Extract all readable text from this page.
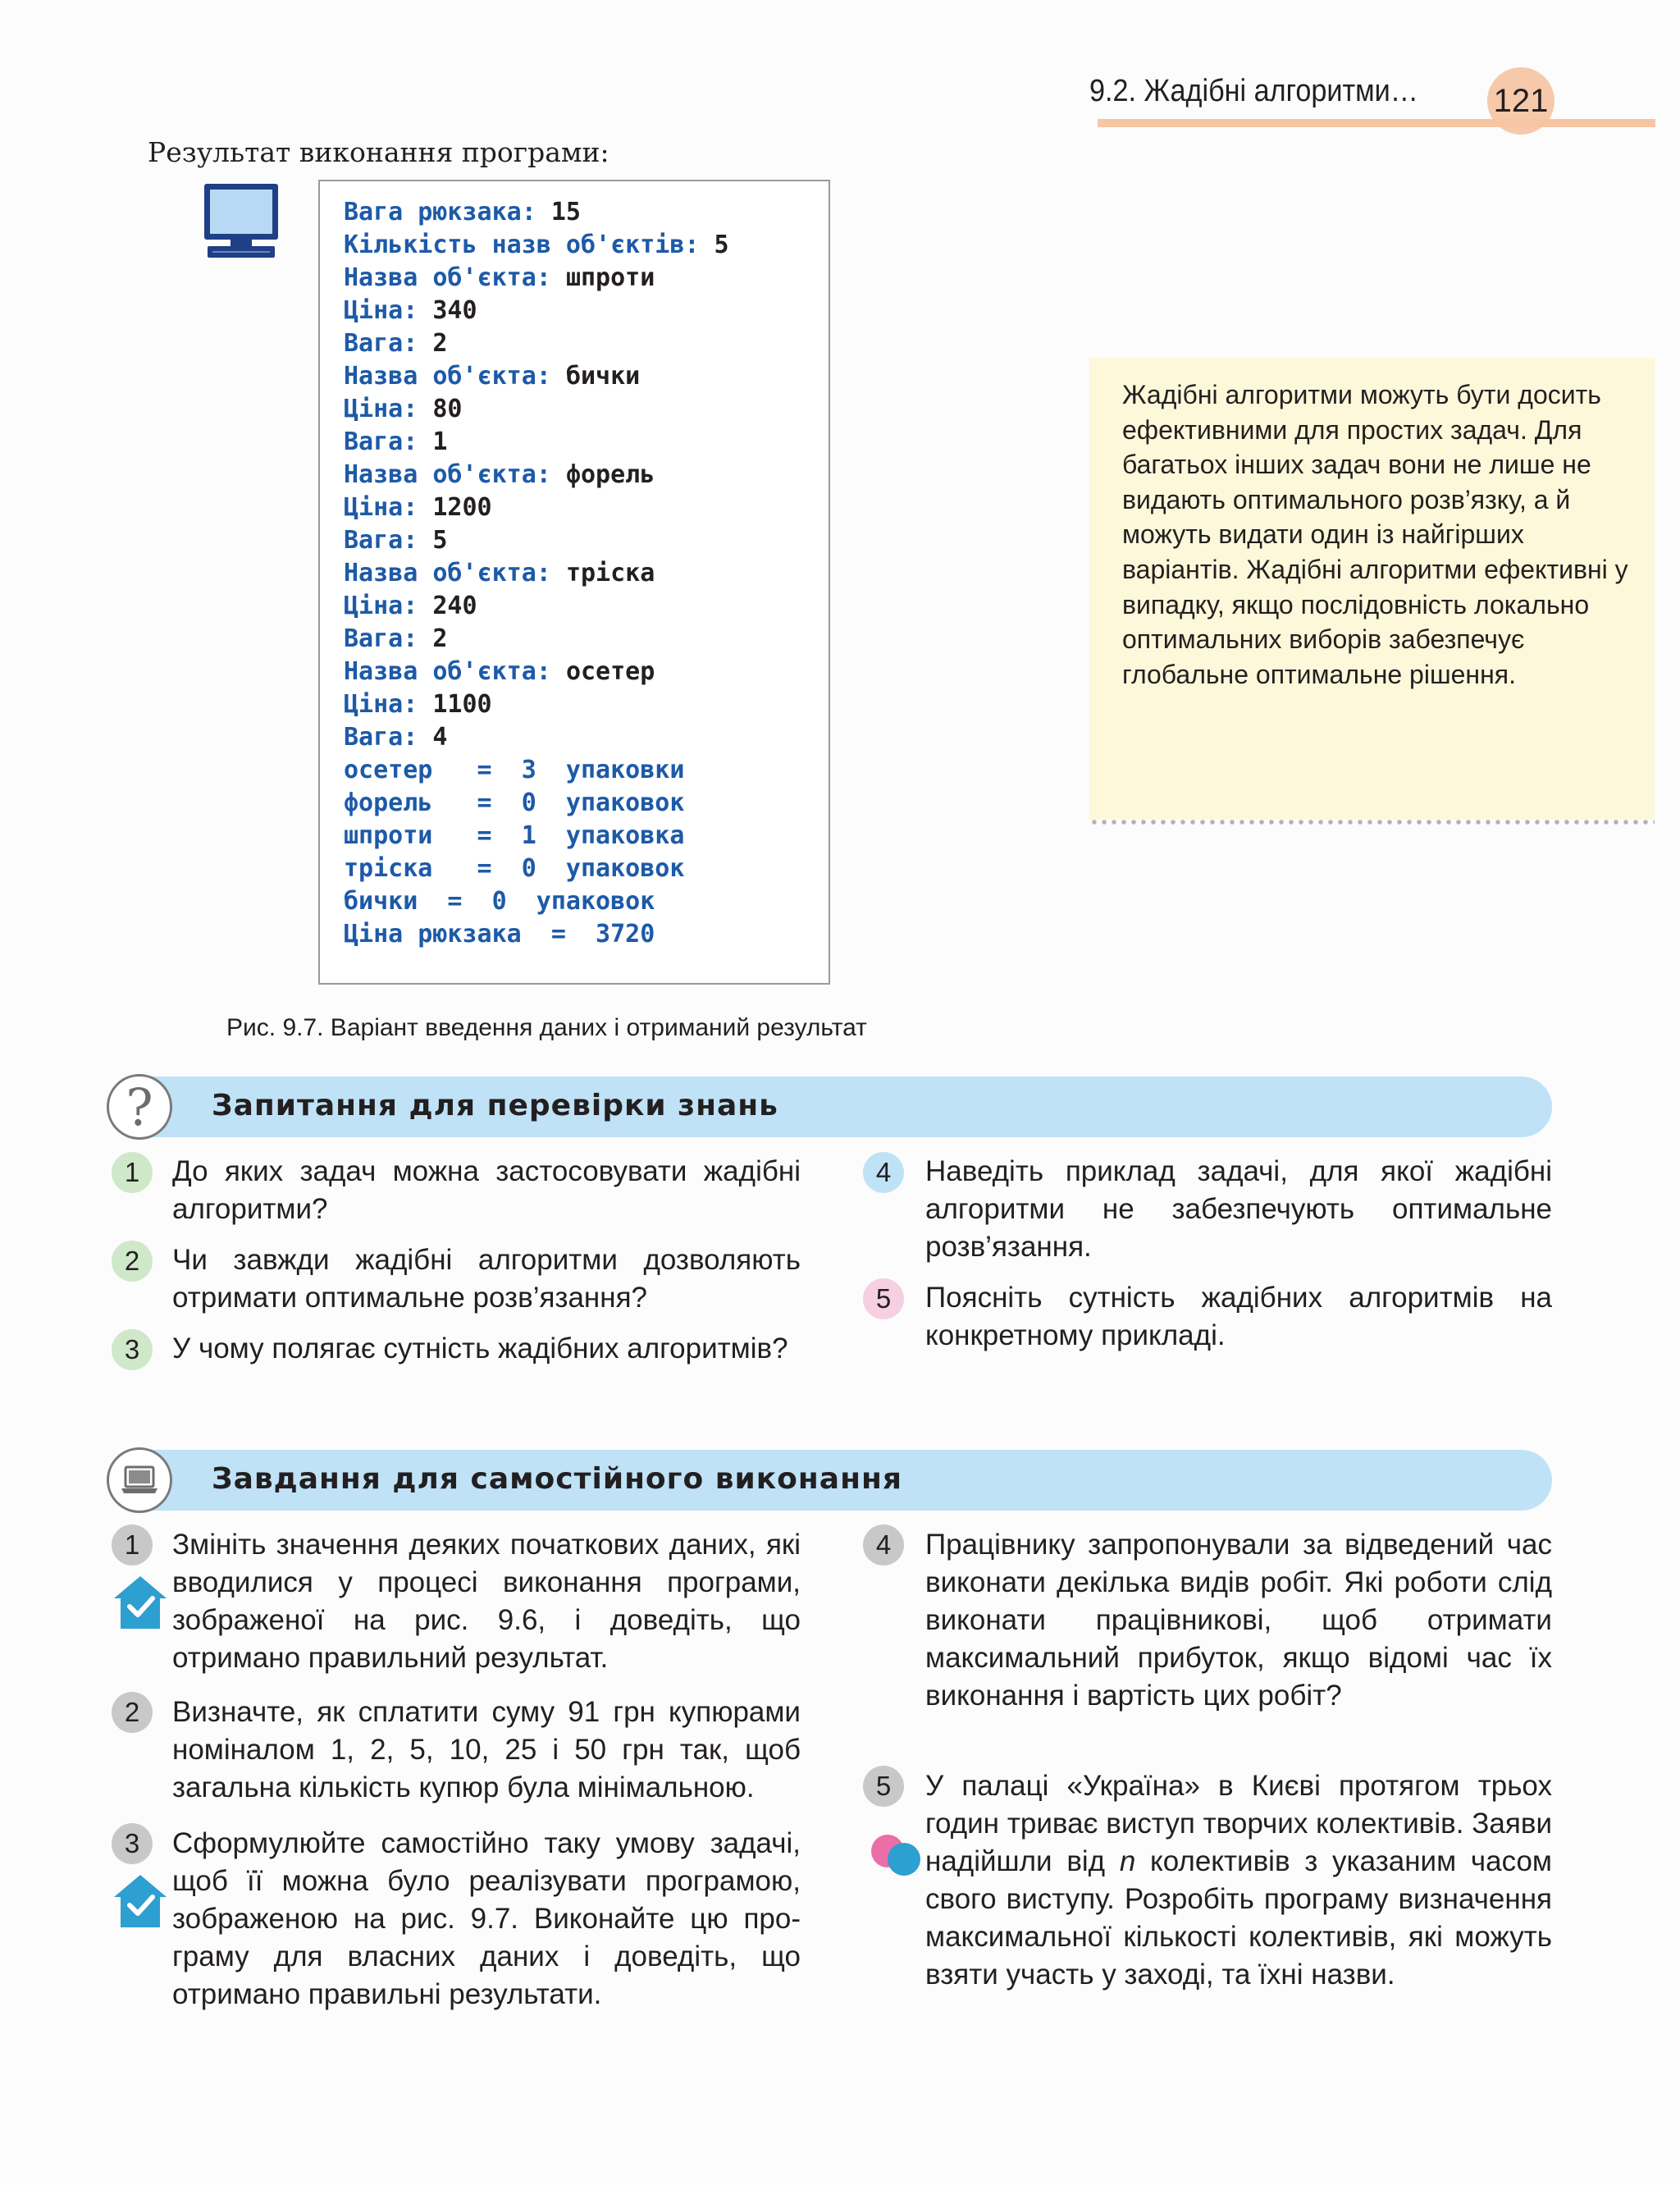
9.2. Жадібні алгоритми… 121
Результат виконання програми:
Вага рюкзака: 15
Кількість назв об'єктів: 5
Назва об'єкта: шпроти
Ціна: 340
Вага: 2
Назва об'єкта: бички
Ціна: 80
Вага: 1
Назва об'єкта: форель
Ціна: 1200
Вага: 5
Назва об'єкта: тріска
Ціна: 240
Вага: 2
Назва об'єкта: осетер
Ціна: 1100
Вага: 4
осетер   =  3  упаковки
форель   =  0  упаковок
шпроти   =  1  упаковка
тріска   =  0  упаковок
бички  =  0  упаковок
Ціна рюкзака  =  3720
Рис. 9.7. Варіант введення даних і отриманий результат
Жадібні алгоритми можуть бути досить ефективними для простих задач. Для багатьох інших задач вони не лише не видають оптимального розв’язку, а й можуть видати один із найгірших варіантів. Жадібні алгоритми ефективні у випадку, якщо послідовність локально оптимальних виборів забезпечує глобальне оптимальне рішення.
? Запитання для перевірки знань
1	До яких задач можна застосовувати жадібні алгоритми?
2	Чи завжди жадібні алгоритми дозволяють отримати оптимальне розв’язання?
3	У чому полягає сутність жадібних алгоритмів?
4	Наведіть приклад задачі, для якої жадібні алгоритми не забезпечують оптимальне розв’язання.
5	Поясніть сутність жадібних алгоритмів на конкретному прикладі.
Завдання для самостійного виконання
1	Змініть значення деяких початкових даних, які вводилися у процесі виконання програми, зображеної на рис. 9.6, і доведіть, що отримано правильний результат.
2	Визначте, як сплатити суму 91 грн купюрами номіналом 1, 2, 5, 10, 25 і 50 грн так, щоб загальна кількість купюр була мінімальною.
3	Сформулюйте самостійно таку умову задачі, щоб її можна було реалізувати програмою, зображеною на рис. 9.7. Виконайте цю програму для власних даних і доведіть, що отримано правильні результати.
4	Працівнику запропонували за відведений час виконати декілька видів робіт. Які роботи слід виконати працівникові, щоб отримати максимальний прибуток, якщо відомі час їх виконання і вартість цих робіт?
5	У палаці «Україна» в Києві протягом трьох годин триває виступ творчих колективів. Заяви надійшли від n колективів з указаним часом свого виступу. Розробіть програму визначення максимальної кількості колективів, які можуть взяти участь у заході, та їхні назви.
